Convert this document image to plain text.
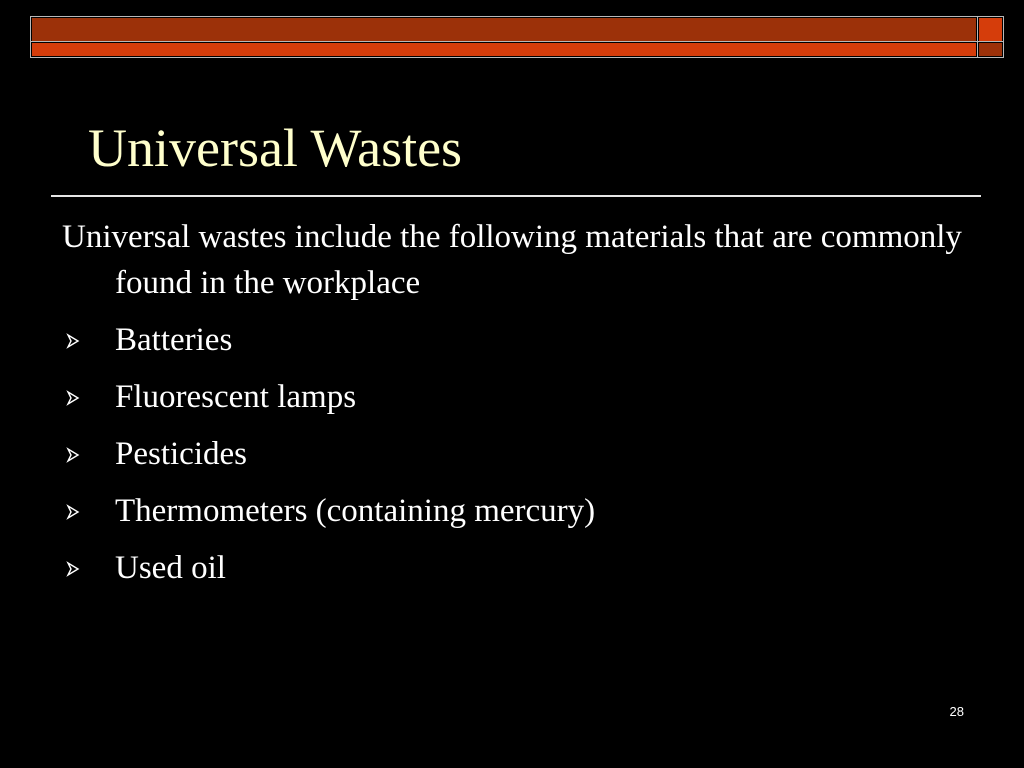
Universal Wastes

Universal wastes include the following materials that are commonly found in the workplace

Batteries
Fluorescent lamps
Pesticides
Thermometers (containing mercury)
Used oil
28
